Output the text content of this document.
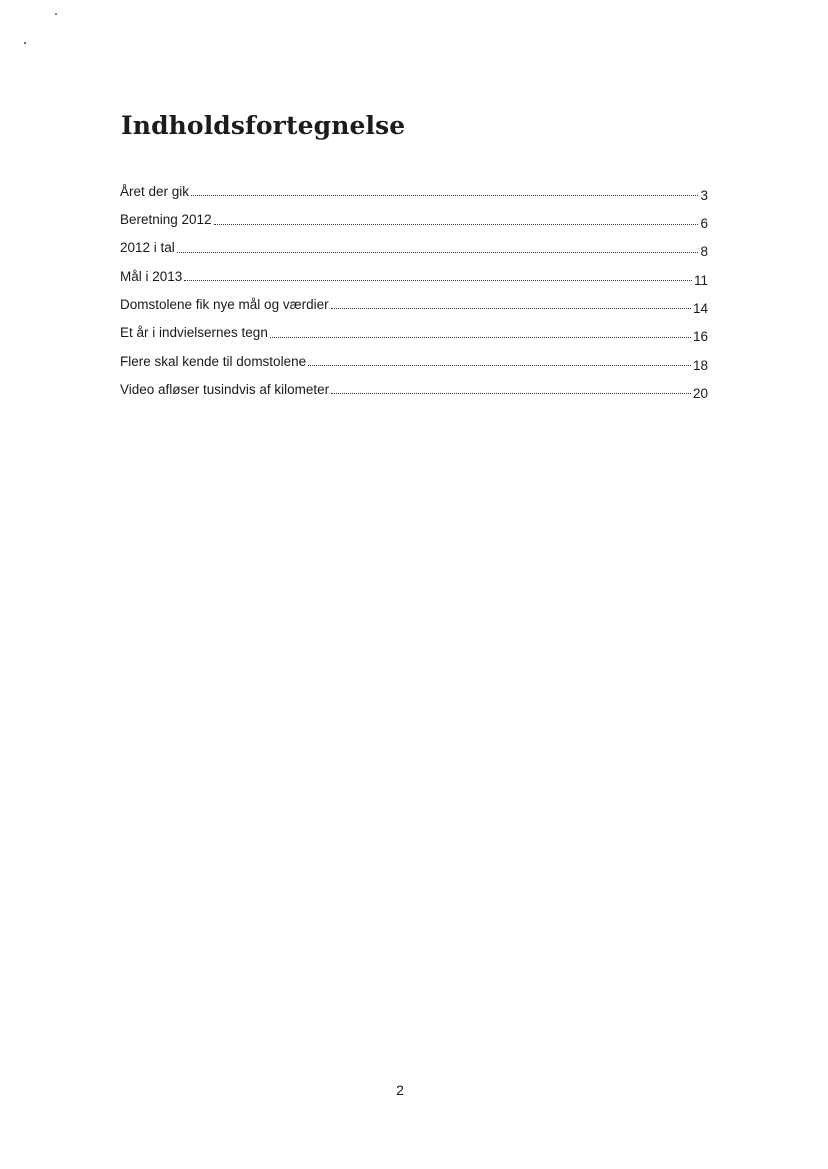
Indholdsfortegnelse
Året der gik	3
Beretning 2012	6
2012 i tal	8
Mål i 2013	11
Domstolene fik nye mål og værdier	14
Et år i indvielsernes tegn	16
Flere skal kende til domstolene	18
Video afløser tusindvis af kilometer	20
2
